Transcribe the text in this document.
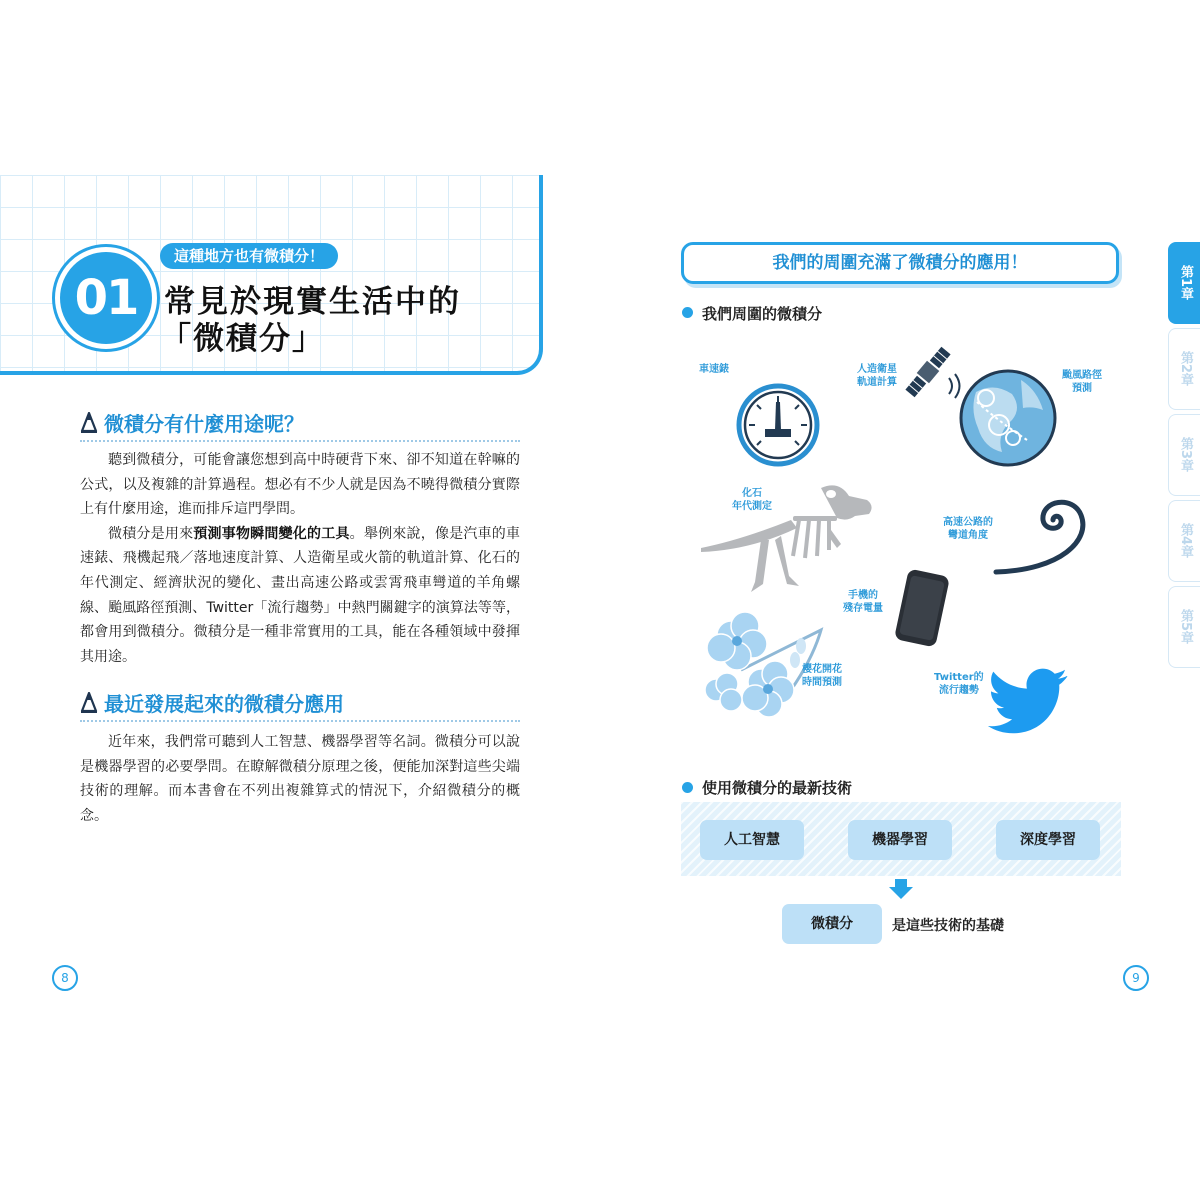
01
這種地方也有微積分！
常見於現實生活中的
「微積分」
微積分有什麼用途呢？

聽到微積分，可能會讓您想到高中時硬背下來、卻不知道在幹嘛的公式，以及複雜的計算過程。想必有不少人就是因為不曉得微積分實際上有什麼用途，進而排斥這門學問。

微積分是用來預測事物瞬間變化的工具。舉例來說，像是汽車的車速錶、飛機起飛／落地速度計算、人造衛星或火箭的軌道計算、化石的年代測定、經濟狀況的變化、畫出高速公路或雲霄飛車彎道的羊角螺線、颱風路徑預測、Twitter「流行趨勢」中熱門關鍵字的演算法等等，都會用到微積分。微積分是一種非常實用的工具，能在各種領域中發揮其用途。

最近發展起來的微積分應用

近年來，我們常可聽到人工智慧、機器學習等名詞。微積分可以說是機器學習的必要學問。在瞭解微積分原理之後，便能加深對這些尖端技術的理解。而本書會在不列出複雜算式的情況下，介紹微積分的概念。

8
我們的周圍充滿了微積分的應用！
我們周圍的微積分
車速錶	人造衛星
軌道計算
颱風路徑
預測
化石
年代測定
高速公路的
彎道角度
手機的
殘存電量
櫻花開花
時間預測	Twitter的
流行趨勢
使用微積分的最新技術
人工智慧	機器學習	深度學習
微積分	是這些技術的基礎
9
第1章
第2章
第3章
第4章
第5章
